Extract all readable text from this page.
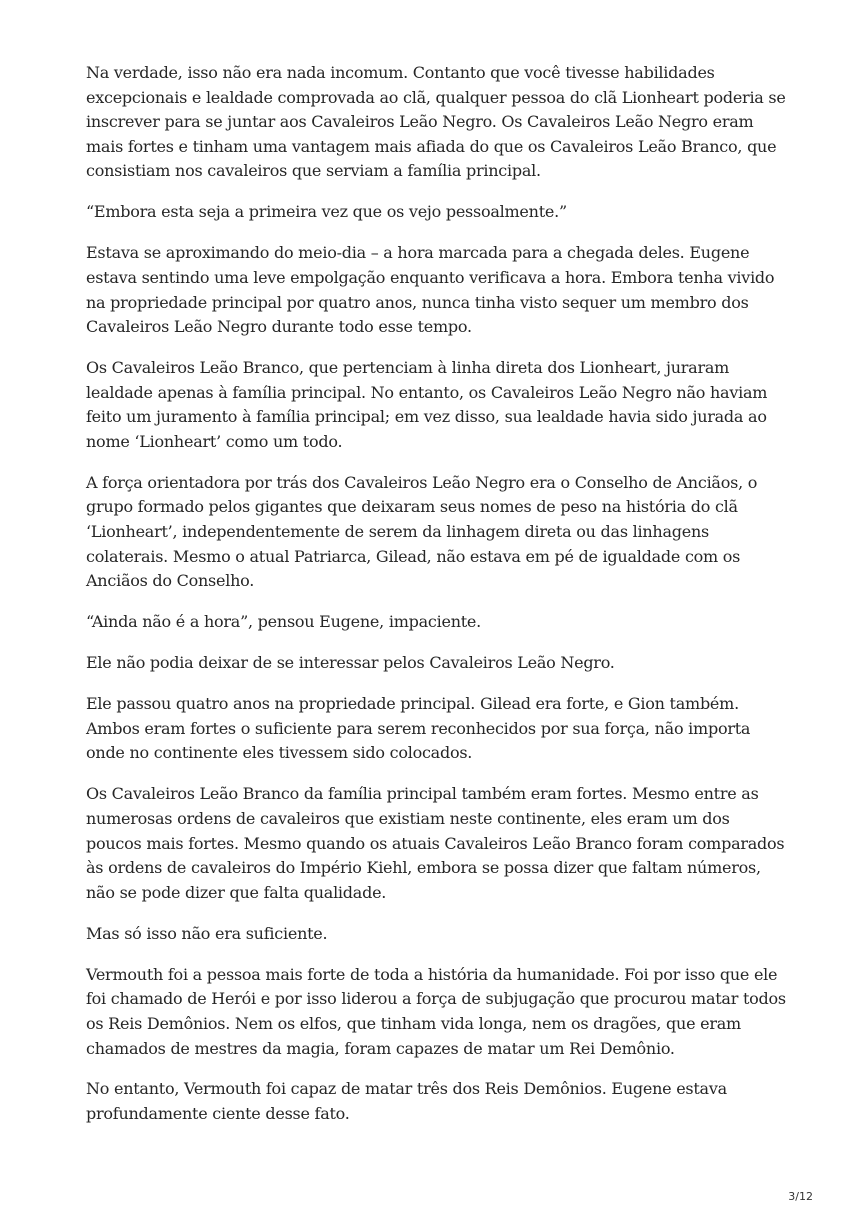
Na verdade, isso não era nada incomum. Contanto que você tivesse habilidades excepcionais e lealdade comprovada ao clã, qualquer pessoa do clã Lionheart poderia se inscrever para se juntar aos Cavaleiros Leão Negro. Os Cavaleiros Leão Negro eram mais fortes e tinham uma vantagem mais afiada do que os Cavaleiros Leão Branco, que consistiam nos cavaleiros que serviam a família principal.

“Embora esta seja a primeira vez que os vejo pessoalmente.”

Estava se aproximando do meio-dia – a hora marcada para a chegada deles. Eugene estava sentindo uma leve empolgação enquanto verificava a hora. Embora tenha vivido na propriedade principal por quatro anos, nunca tinha visto sequer um membro dos Cavaleiros Leão Negro durante todo esse tempo.

Os Cavaleiros Leão Branco, que pertenciam à linha direta dos Lionheart, juraram lealdade apenas à família principal. No entanto, os Cavaleiros Leão Negro não haviam feito um juramento à família principal; em vez disso, sua lealdade havia sido jurada ao nome ‘Lionheart’ como um todo.

A força orientadora por trás dos Cavaleiros Leão Negro era o Conselho de Anciãos, o grupo formado pelos gigantes que deixaram seus nomes de peso na história do clã ‘Lionheart’, independentemente de serem da linhagem direta ou das linhagens colaterais. Mesmo o atual Patriarca, Gilead, não estava em pé de igualdade com os Anciãos do Conselho.

“Ainda não é a hora”, pensou Eugene, impaciente.

Ele não podia deixar de se interessar pelos Cavaleiros Leão Negro.

Ele passou quatro anos na propriedade principal. Gilead era forte, e Gion também. Ambos eram fortes o suficiente para serem reconhecidos por sua força, não importa onde no continente eles tivessem sido colocados.

Os Cavaleiros Leão Branco da família principal também eram fortes. Mesmo entre as numerosas ordens de cavaleiros que existiam neste continente, eles eram um dos poucos mais fortes. Mesmo quando os atuais Cavaleiros Leão Branco foram comparados às ordens de cavaleiros do Império Kiehl, embora se possa dizer que faltam números, não se pode dizer que falta qualidade.

Mas só isso não era suficiente.

Vermouth foi a pessoa mais forte de toda a história da humanidade. Foi por isso que ele foi chamado de Herói e por isso liderou a força de subjugação que procurou matar todos os Reis Demônios. Nem os elfos, que tinham vida longa, nem os dragões, que eram chamados de mestres da magia, foram capazes de matar um Rei Demônio.

No entanto, Vermouth foi capaz de matar três dos Reis Demônios. Eugene estava profundamente ciente desse fato.

3/12
